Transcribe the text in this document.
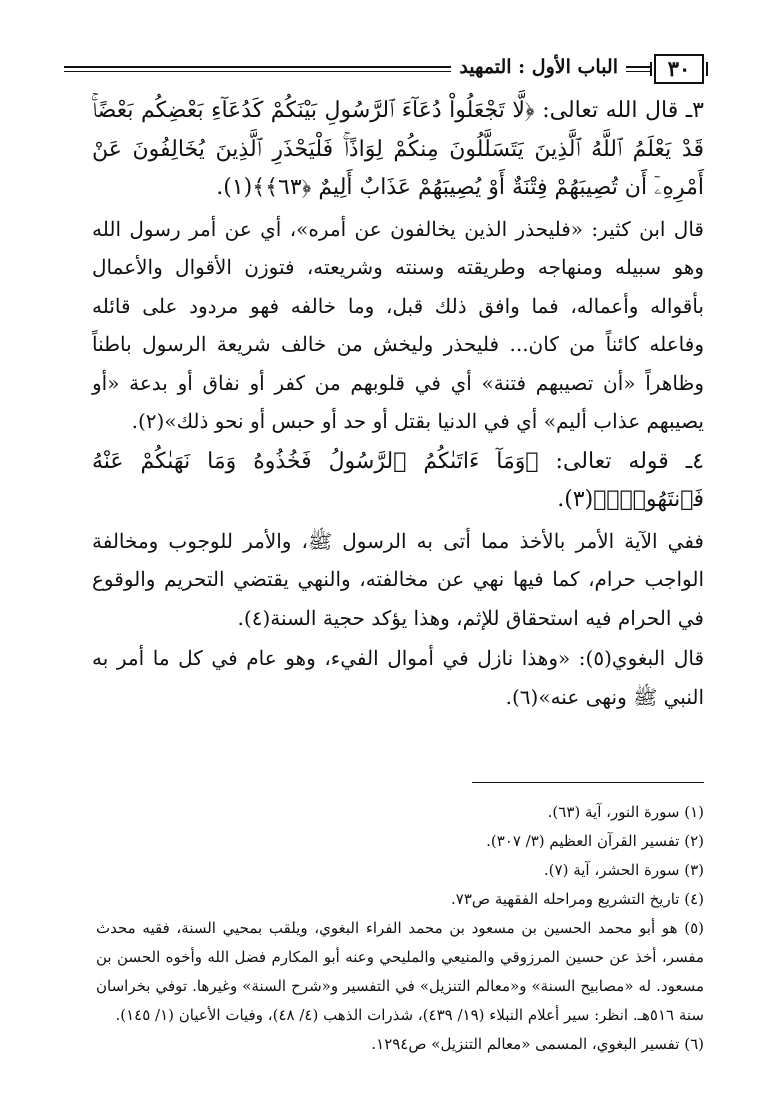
٣٠
الباب الأول : التمهيد

٣ـ قال الله تعالى: ﴿لَّا تَجْعَلُواْ دُعَآءَ ٱلرَّسُولِ بَيْنَكُمْ كَدُعَآءِ بَعْضِكُم بَعْضًاۚ قَدْ يَعْلَمُ ٱللَّهُ ٱلَّذِينَ يَتَسَلَّلُونَ مِنكُمْ لِوَاذًاۚ فَلْيَحْذَرِ ٱلَّذِينَ يُخَالِفُونَ عَنْ أَمْرِهِۦٓ أَن تُصِيبَهُمْ فِتْنَةٌ أَوْ يُصِيبَهُمْ عَذَابٌ أَلِيمٌ ﴿٦٣﴾﴾(١).

قال ابن كثير: «فليحذر الذين يخالفون عن أمره»، أي عن أمر رسول الله وهو سبيله ومنهاجه وطريقته وسنته وشريعته، فتوزن الأقوال والأعمال بأقواله وأعماله، فما وافق ذلك قبل، وما خالفه فهو مردود على قائله وفاعله كائناً من كان... فليحذر وليخش من خالف شريعة الرسول باطناً وظاهراً «أن تصيبهم فتنة» أي في قلوبهم من كفر أو نفاق أو بدعة «أو يصيبهم عذاب أليم» أي في الدنيا بقتل أو حد أو حبس أو نحو ذلك»(٢).

٤ـ قوله تعالى: ﴿وَمَآ ءَاتَىٰكُمُ ٱلرَّسُولُ فَخُذُوهُ وَمَا نَهَىٰكُمْ عَنْهُ فَٱنتَهُواْۚ﴾(٣).

ففي الآية الأمر بالأخذ مما أتى به الرسول ﷺ، والأمر للوجوب ومخالفة الواجب حرام، كما فيها نهي عن مخالفته، والنهي يقتضي التحريم والوقوع في الحرام فيه استحقاق للإثم، وهذا يؤكد حجية السنة(٤).

قال البغوي(٥): «وهذا نازل في أموال الفيء، وهو عام في كل ما أمر به النبي ﷺ ونهى عنه»(٦).

(١) سورة النور، آية (٦٣).

(٢) تفسير القرآن العظيم (٣/ ٣٠٧).

(٣) سورة الحشر، آية (٧).

(٤) تاريخ التشريع ومراحله الفقهية ص٧٣.

(٥) هو أبو محمد الحسين بن مسعود بن محمد الفراء البغوي، ويلقب بمحيي السنة، فقيه محدث مفسر، أخذ عن حسين المرزوقي والمنيعي والمليحي وعنه أبو المكارم فضل الله وأخوه الحسن بن مسعود. له «مصابيح السنة» و«معالم التنزيل» في التفسير و«شرح السنة» وغيرها. توفي بخراسان سنة ٥١٦هـ. انظر: سير أعلام النبلاء (١٩/ ٤٣٩)، شذرات الذهب (٤/ ٤٨)، وفيات الأعيان (١/ ١٤٥).

(٦) تفسير البغوي، المسمى «معالم التنزيل» ص١٢٩٤.
